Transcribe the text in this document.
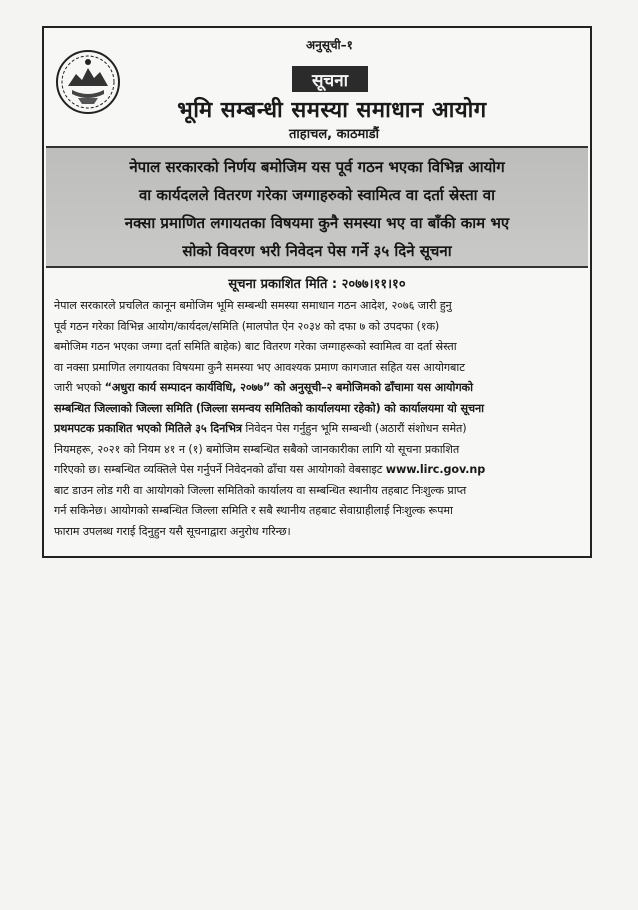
अनुसूची–१
सूचना
भूमि सम्बन्धी समस्या समाधान आयोग
ताहाचल, काठमाडौं
नेपाल सरकारको निर्णय बमोजिम यस पूर्व गठन भएका विभिन्न आयोग
वा कार्यदलले वितरण गरेका जग्गाहरुको स्वामित्व वा दर्ता स्रेस्ता वा
नक्सा प्रमाणित लगायतका विषयमा कुनै समस्या भए वा बाँकी काम भए
सोको विवरण भरी निवेदन पेस गर्ने ३५ दिने सूचना
सूचना प्रकाशित मिति : २०७७।११।१०
नेपाल सरकारले प्रचलित कानून बमोजिम भूमि सम्बन्धी समस्या समाधान गठन आदेश, २०७६ जारी हुनु
पूर्व गठन गरेका विभिन्न आयोग/कार्यदल/समिति (मालपोत ऐन २०३४ को दफा ७ को उपदफा (१क)
बमोजिम गठन भएका जग्गा दर्ता समिति बाहेक) बाट वितरण गरेका जग्गाहरूको स्वामित्व वा दर्ता स्रेस्ता
वा नक्सा प्रमाणित लगायतका विषयमा कुनै समस्या भए आवश्यक प्रमाण कागजात सहित यस आयोगबाट
जारी भएको “अधुरा कार्य सम्पादन कार्यविधि, २०७७” को अनुसूची–२ बमोजिमको ढाँचामा यस आयोगको
सम्बन्धित जिल्लाको जिल्ला समिति (जिल्ला समन्वय समितिको कार्यालयमा रहेको) को कार्यालयमा यो सूचना
प्रथमपटक प्रकाशित भएको मितिले ३५ दिनभित्र निवेदन पेस गर्नुहुन भूमि सम्बन्धी (अठारौं संशोधन समेत)
नियमहरू, २०२१ को नियम ४१ न (१) बमोजिम सम्बन्धित सबैको जानकारीका लागि यो सूचना प्रकाशित
गरिएको छ। सम्बन्धित व्यक्तिले पेस गर्नुपर्ने निवेदनको ढाँचा यस आयोगको वेबसाइट www.lirc.gov.np
बाट डाउन लोड गरी वा आयोगको जिल्ला समितिको कार्यालय वा सम्बन्धित स्थानीय तहबाट निःशुल्क प्राप्त
गर्न सकिनेछ। आयोगको सम्बन्धित जिल्ला समिति र सबै स्थानीय तहबाट सेवाग्राहीलाई निःशुल्क रूपमा
फाराम उपलब्ध गराई दिनुहुन यसै सूचनाद्वारा अनुरोध गरिन्छ।
